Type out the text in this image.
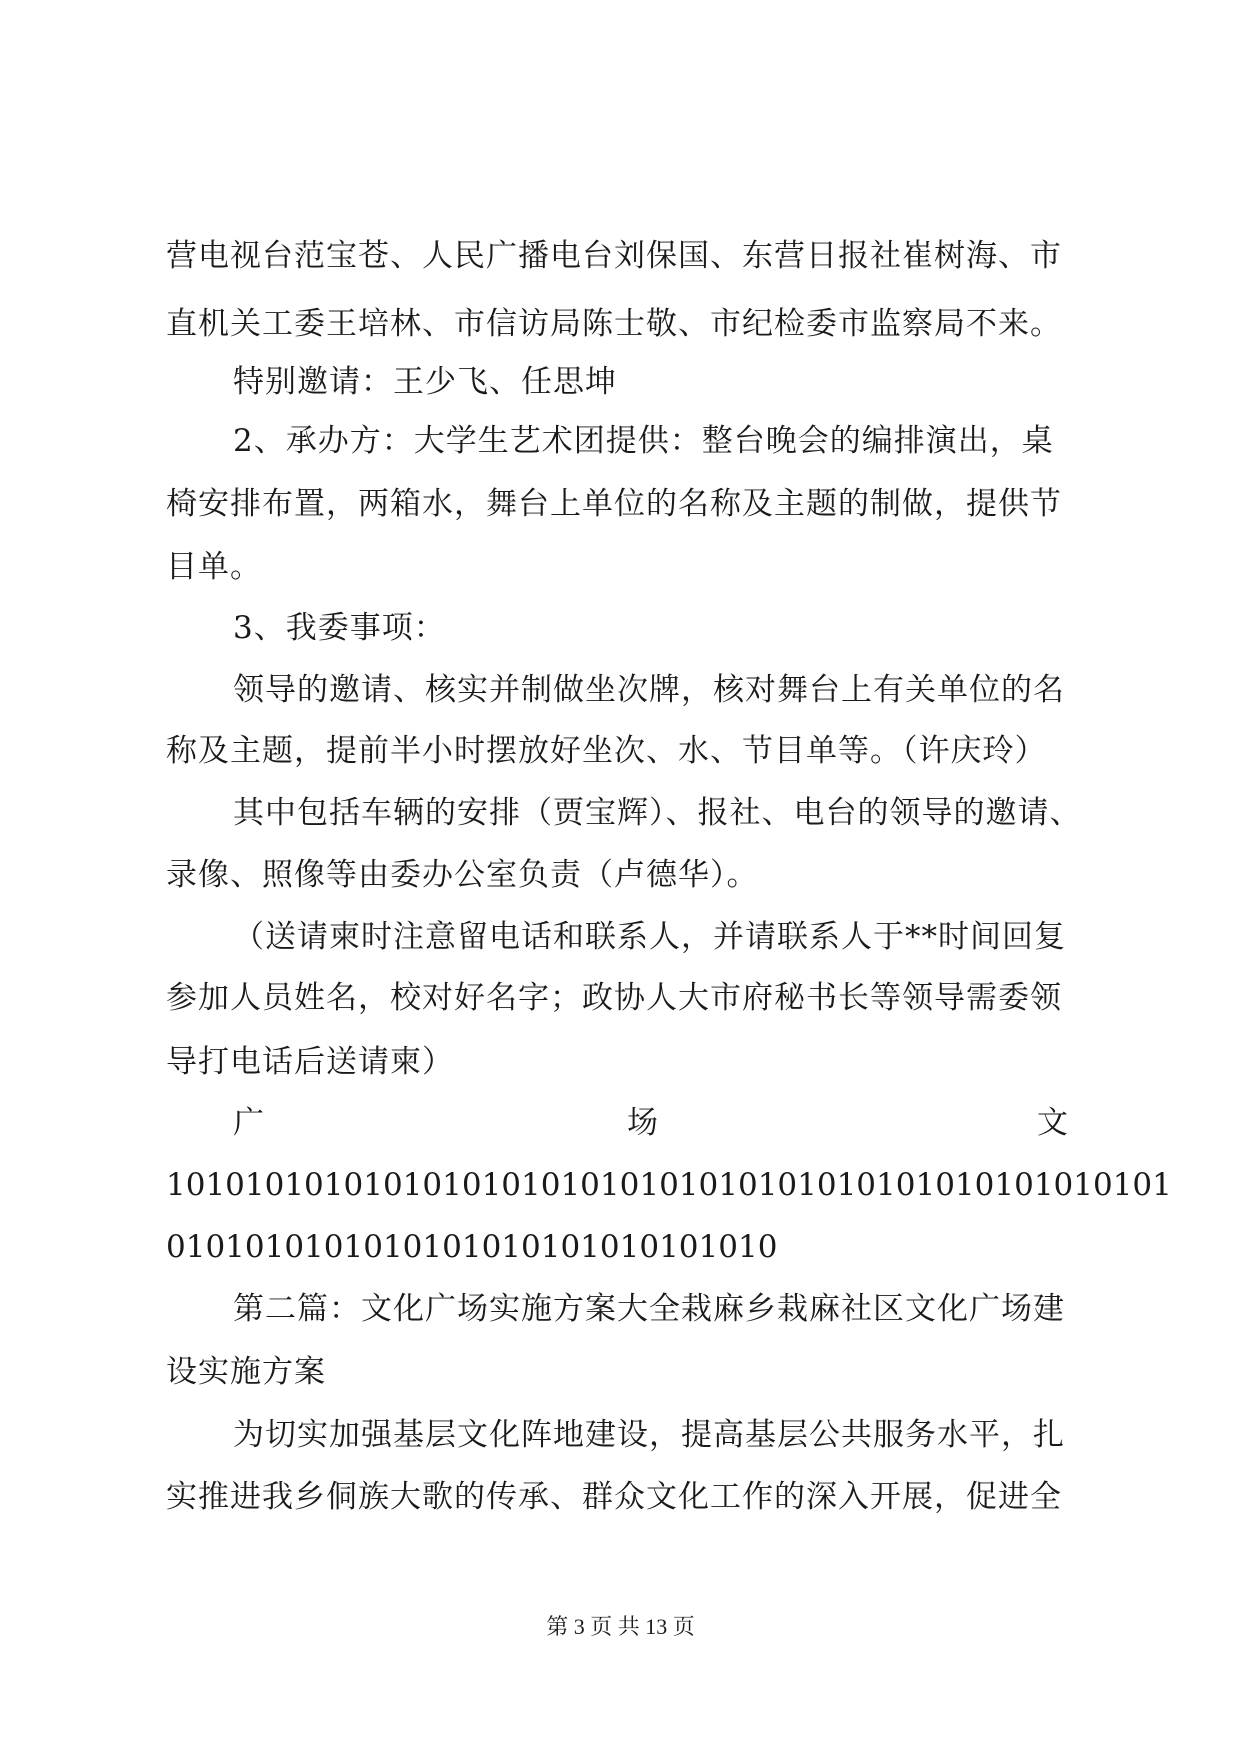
营电视台范宝苍、人民广播电台刘保国、东营日报社崔树海、市
直机关工委王培林、市信访局陈士敬、市纪检委市监察局不来。
特别邀请：王少飞、任思坤
2、承办方：大学生艺术团提供：整台晚会的编排演出，桌
椅安排布置，两箱水，舞台上单位的名称及主题的制做，提供节
目单。
3、我委事项：
领导的邀请、核实并制做坐次牌，核对舞台上有关单位的名
称及主题，提前半小时摆放好坐次、水、节目单等。（许庆玲）
其中包括车辆的安排（贾宝辉）、报社、电台的领导的邀请、
录像、照像等由委办公室负责（卢德华）。
（送请柬时注意留电话和联系人，并请联系人于**时间回复
参加人员姓名，校对好名字；政协人大市府秘书长等领导需委领
导打电话后送请柬）
广	场	文
101010101010101010101010101010101010101010101010101
0101010101010101010101010101010
第二篇：文化广场实施方案大全栽麻乡栽麻社区文化广场建
设实施方案
为切实加强基层文化阵地建设，提高基层公共服务水平，扎
实推进我乡侗族大歌的传承、群众文化工作的深入开展，促进全
第 3 页 共 13 页
